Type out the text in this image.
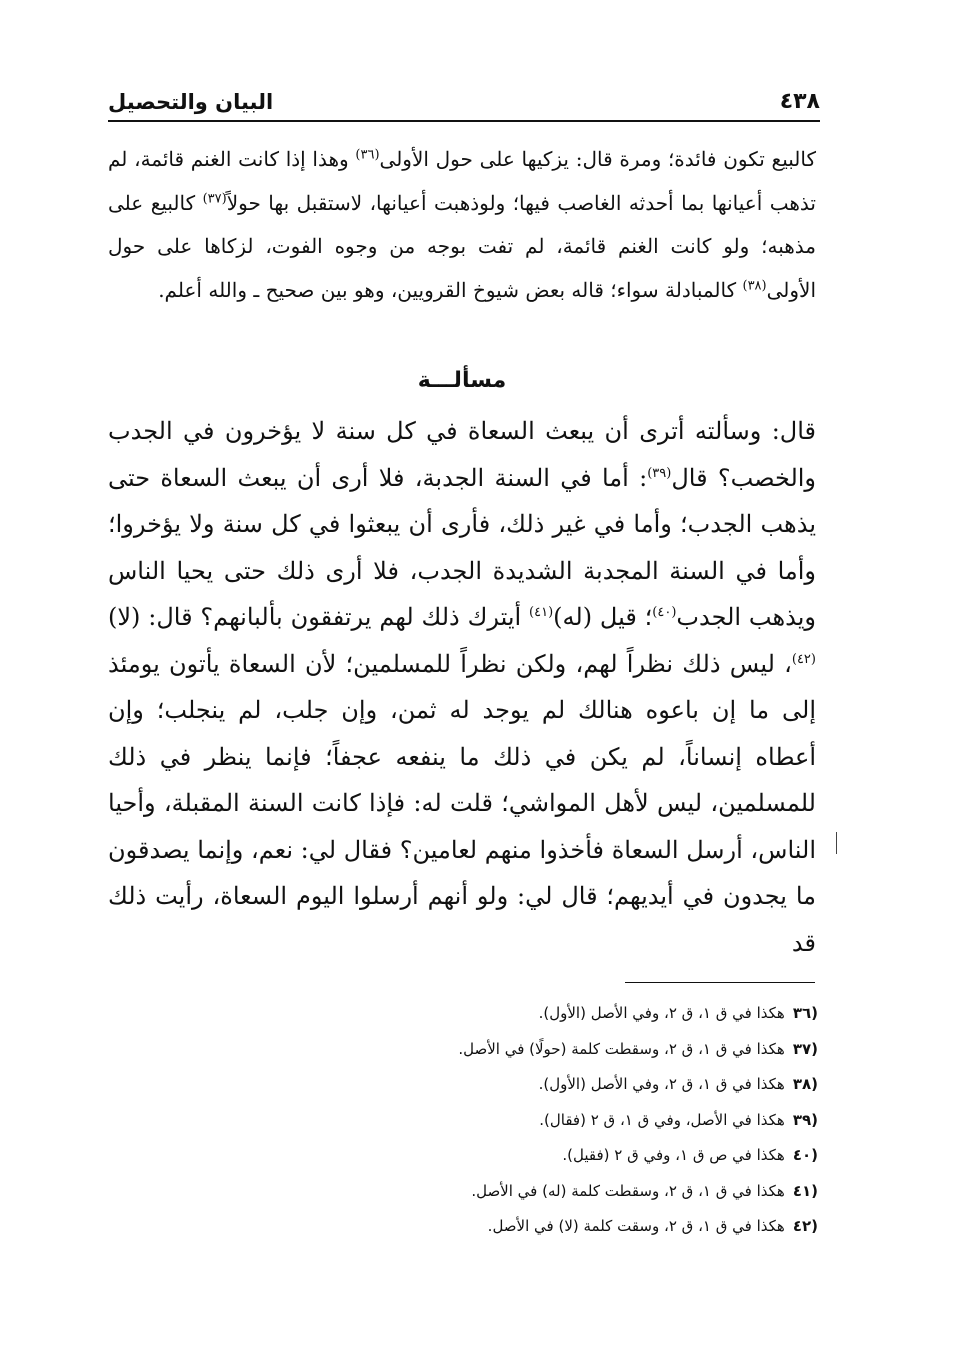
٤٣٨
البيان والتحصيل

كالبيع تكون فائدة؛ ومرة قال: يزكيها على حول الأولى$^{(٣٦)}$ وهذا إذا كانت الغنم قائمة، لم تذهب أعيانها بما أحدثه الغاصب فيها؛ ولوذهبت أعيانها، لاستقبل بها حولاً$^{(٣٧)}$ كالبيع على مذهبه؛ ولو كانت الغنم قائمة، لم تفت بوجه من وجوه الفوت، لزكاها على حول الأولى$^{(٣٨)}$ كالمبادلة سواء؛ قاله بعض شيوخ القرويين، وهو بين صحيح ـ والله أعلم.

مسألـــة

قال: وسألته أترى أن يبعث السعاة في كل سنة لا يؤخرون في الجدب والخصب؟ قال$^{(٣٩)}$: أما في السنة الجدبة، فلا أرى أن يبعث السعاة حتى يذهب الجدب؛ وأما في غير ذلك، فأرى أن يبعثوا في كل سنة ولا يؤخروا؛ وأما في السنة المجدبة الشديدة الجدب، فلا أرى ذلك حتى يحيا الناس ويذهب الجدب$^{(٤٠)}$؛ قيل (له)$^{(٤١)}$ أيترك ذلك لهم يرتفقون بألبانهم؟ قال: (لا)$^{(٤٢)}$، ليس ذلك نظراً لهم، ولكن نظراً للمسلمين؛ لأن السعاة يأتون يومئذ إلى ما إن باعوه هنالك لم يوجد له ثمن، وإن جلب، لم ينجلب؛ وإن أعطاه إنساناً، لم يكن في ذلك ما ينفعه عجفاً؛ فإنما ينظر في ذلك للمسلمين، ليس لأهل المواشي؛ قلت له: فإذا كانت السنة المقبلة، وأحيا الناس، أرسل السعاة فأخذوا منهم لعامين؟ فقال لي: نعم، وإنما يصدقون ما يجدون في أيديهم؛ قال لي: ولو أنهم أرسلوا اليوم السعاة، رأيت ذلك قد

(٣٦هكذا في ق ١، ق ٢، وفي الأصل (الأول).
(٣٧هكذا في ق ١، ق ٢، وسقطت كلمة (حولًا) في الأصل.
(٣٨هكذا في ق ١، ق ٢، وفي الأصل (الأول).
(٣٩هكذا في الأصل، وفي ق ١، ق ٢ (فقال).
(٤٠هكذا في ص ق ١، وفي ق ٢ (فقيل).
(٤١هكذا في ق ١، ق ٢، وسقطت كلمة (له) في الأصل.
(٤٢هكذا في ق ١، ق ٢، وسقت كلمة (لا) في الأصل.
